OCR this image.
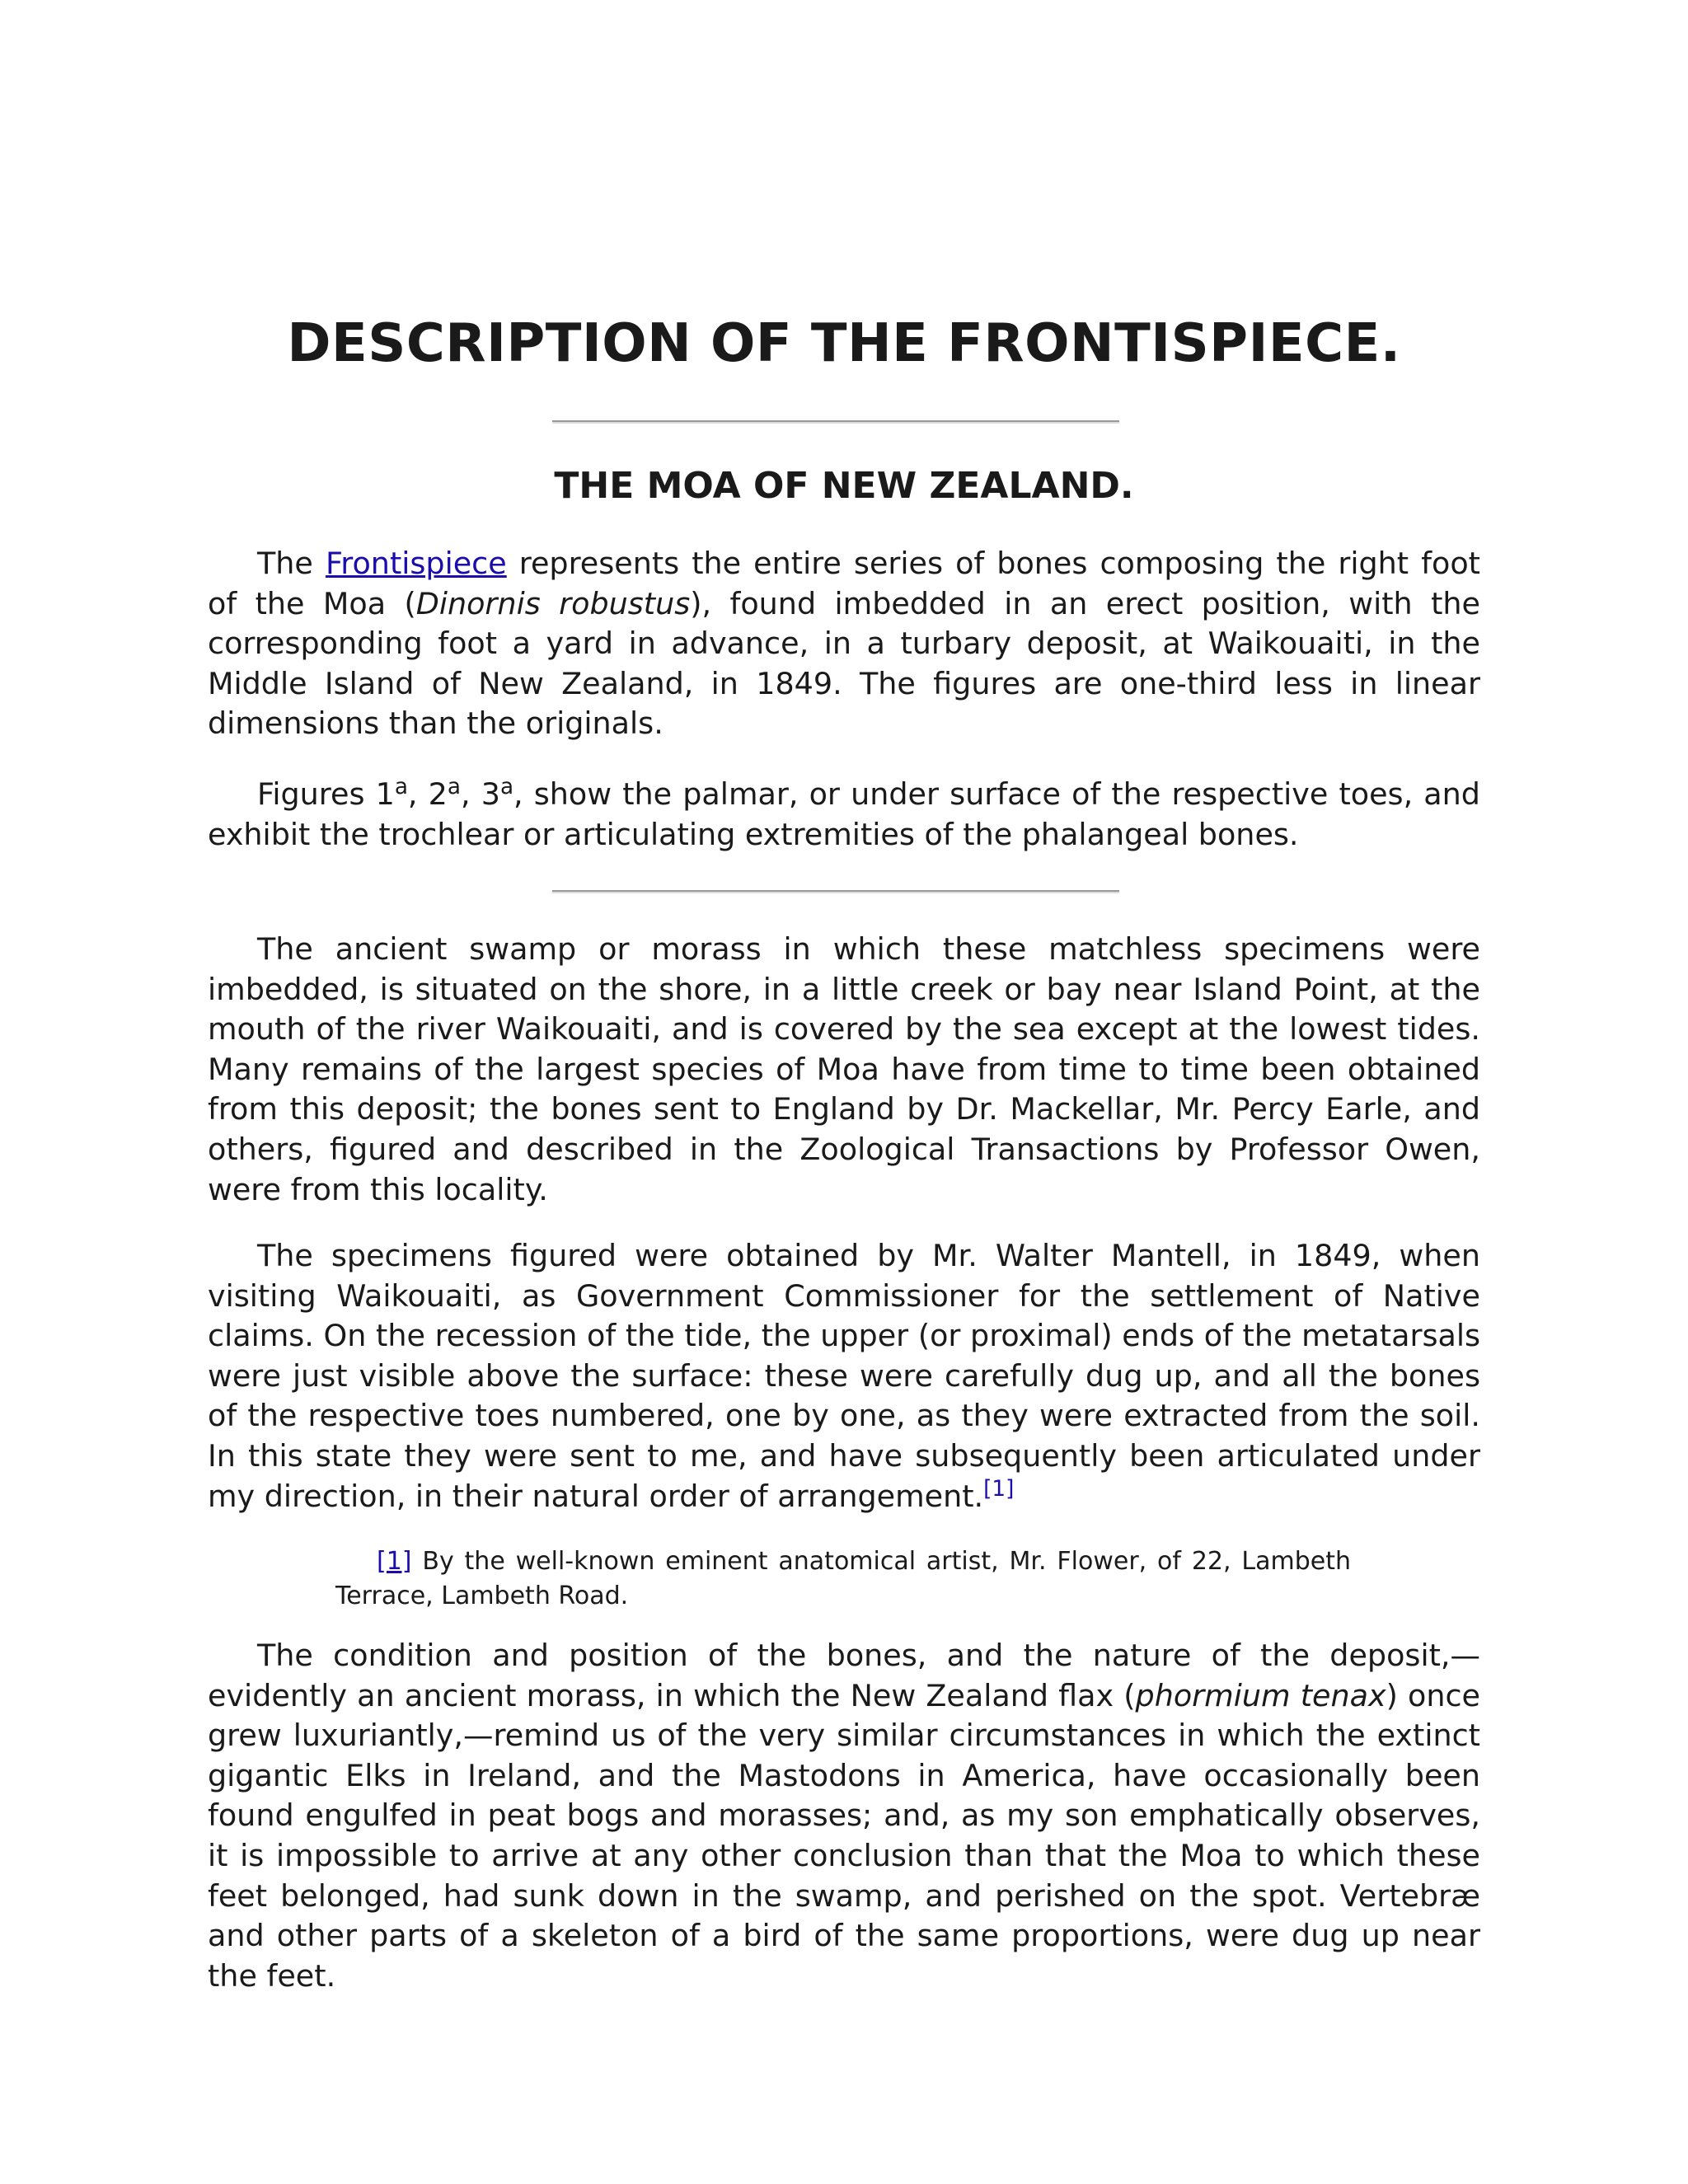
DESCRIPTION OF THE FRONTISPIECE.
THE MOA OF NEW ZEALAND.

The Frontispiece represents the entire series of bones composing the right foot of the Moa (Dinornis robustus), found imbedded in an erect position, with the corresponding foot a yard in advance, in a turbary deposit, at Waikouaiti, in the Middle Island of New Zealand, in 1849. The figures are one-third less in linear dimensions than the originals.

Figures 1$^a$, 2$^a$, 3$^a$, show the palmar, or under surface of the respective toes, and exhibit the trochlear or articulating extremities of the phalangeal bones.

The ancient swamp or morass in which these matchless specimens were imbedded, is situated on the shore, in a little creek or bay near Island Point, at the mouth of the river Waikouaiti, and is covered by the sea except at the lowest tides. Many remains of the largest species of Moa have from time to time been obtained from this deposit; the bones sent to England by Dr. Mackellar, Mr. Percy Earle, and others, figured and described in the Zoological Transactions by Professor Owen, were from this locality.

The specimens figured were obtained by Mr. Walter Mantell, in 1849, when visiting Waikouaiti, as Government Commissioner for the settlement of Native claims. On the recession of the tide, the upper (or proximal) ends of the metatarsals were just visible above the surface: these were carefully dug up, and all the bones of the respective toes numbered, one by one, as they were extracted from the soil. In this state they were sent to me, and have subsequently been articulated under my direction, in their natural order of arrangement.[1]

[1] By the well-known eminent anatomical artist, Mr. Flower, of 22, Lambeth Terrace, Lambeth Road.

The condition and position of the bones, and the nature of the deposit,—evidently an ancient morass, in which the New Zealand flax (phormium tenax) once grew luxuriantly,—remind us of the very similar circumstances in which the extinct gigantic Elks in Ireland, and the Mastodons in America, have occasionally been found engulfed in peat bogs and morasses; and, as my son emphatically observes, it is impossible to arrive at any other conclusion than that the Moa to which these feet belonged, had sunk down in the swamp, and perished on the spot. Vertebræ and other parts of a skeleton of a bird of the same proportions, were dug up near the feet.
